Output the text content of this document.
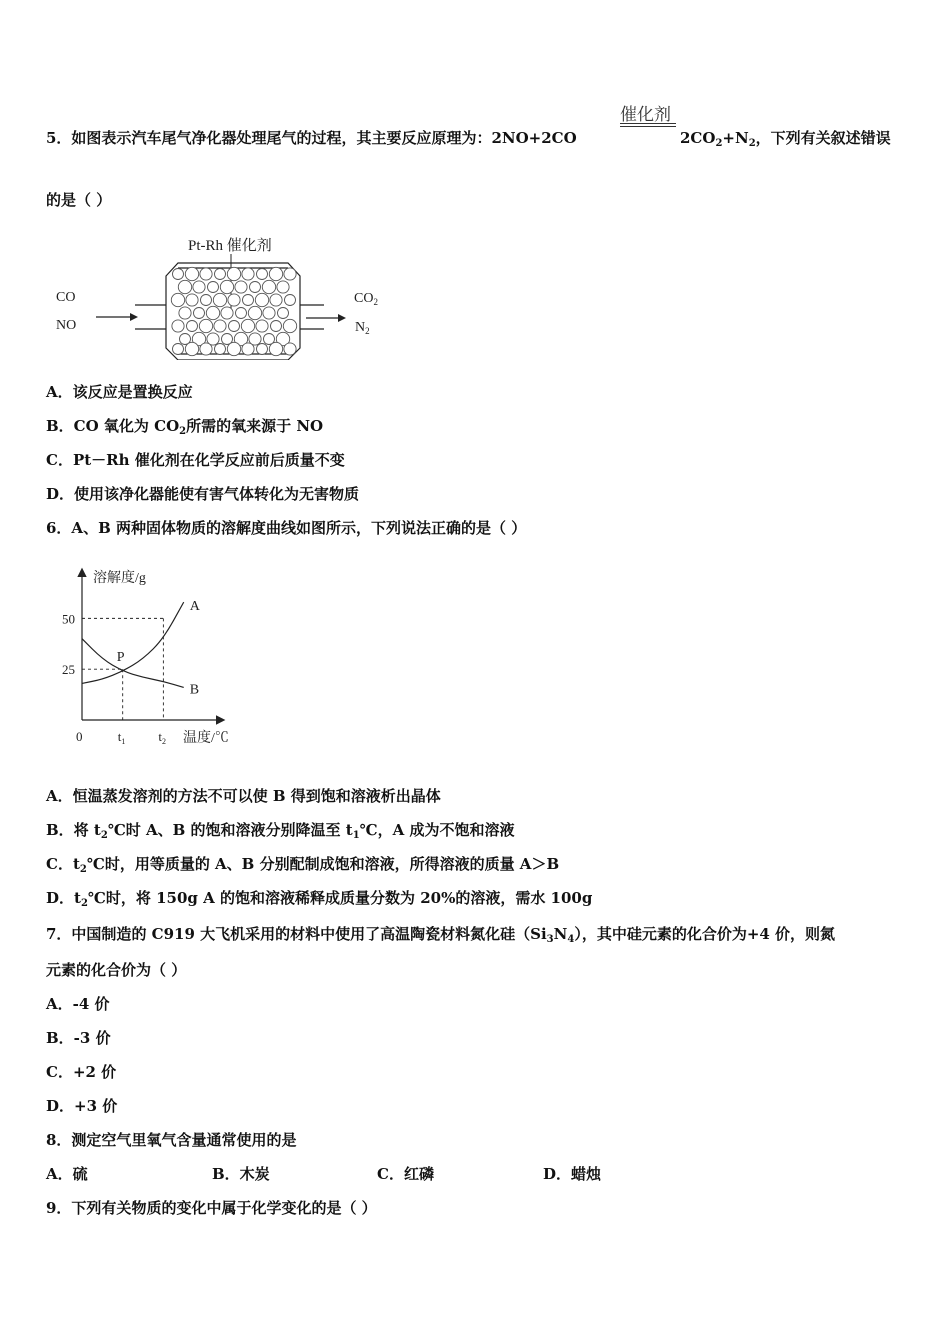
催化剂
5．如图表示汽车尾气净化器处理尾气的过程，其主要反应原理为：2NO+2CO	$2CO_2+N_2$，下列有关叙述错误
的是（ ）
Pt-Rh 催化剂
CO
NO
$CO_2$
$N_2$
A．该反应是置换反应
B．CO 氧化为 $CO_2$所需的氧来源于 NO
C．Pt－Rh 催化剂在化学反应前后质量不变
D．使用该净化器能使有害气体转化为无害物质
6．A、B 两种固体物质的溶解度曲线如图所示，下列说法正确的是（ ）
溶解度/g
温度/℃
50
25
0	$t_1$	$t_2$
A
B
P
A．恒温蒸发溶剂的方法不可以使 B 得到饱和溶液析出晶体
B．将 $t_2℃$时 A、B 的饱和溶液分别降温至 $t_1℃$，A 成为不饱和溶液
C．$t_2℃$时，用等质量的 A、B 分别配制成饱和溶液，所得溶液的质量 A＞B
D．$t_2℃$时，将 150g A 的饱和溶液稀释成质量分数为 20%的溶液，需水 100g
7．中国制造的 C919 大飞机采用的材料中使用了高温陶瓷材料氮化硅$(Si_3N_4)$，其中硅元素的化合价为+4 价，则氮
元素的化合价为（ ）
A．-4 价
B．-3 价
C．+2 价
D．+3 价
8．测定空气里氧气含量通常使用的是
A．硫	B．木炭	C．红磷	D．蜡烛
9．下列有关物质的变化中属于化学变化的是（ ）
